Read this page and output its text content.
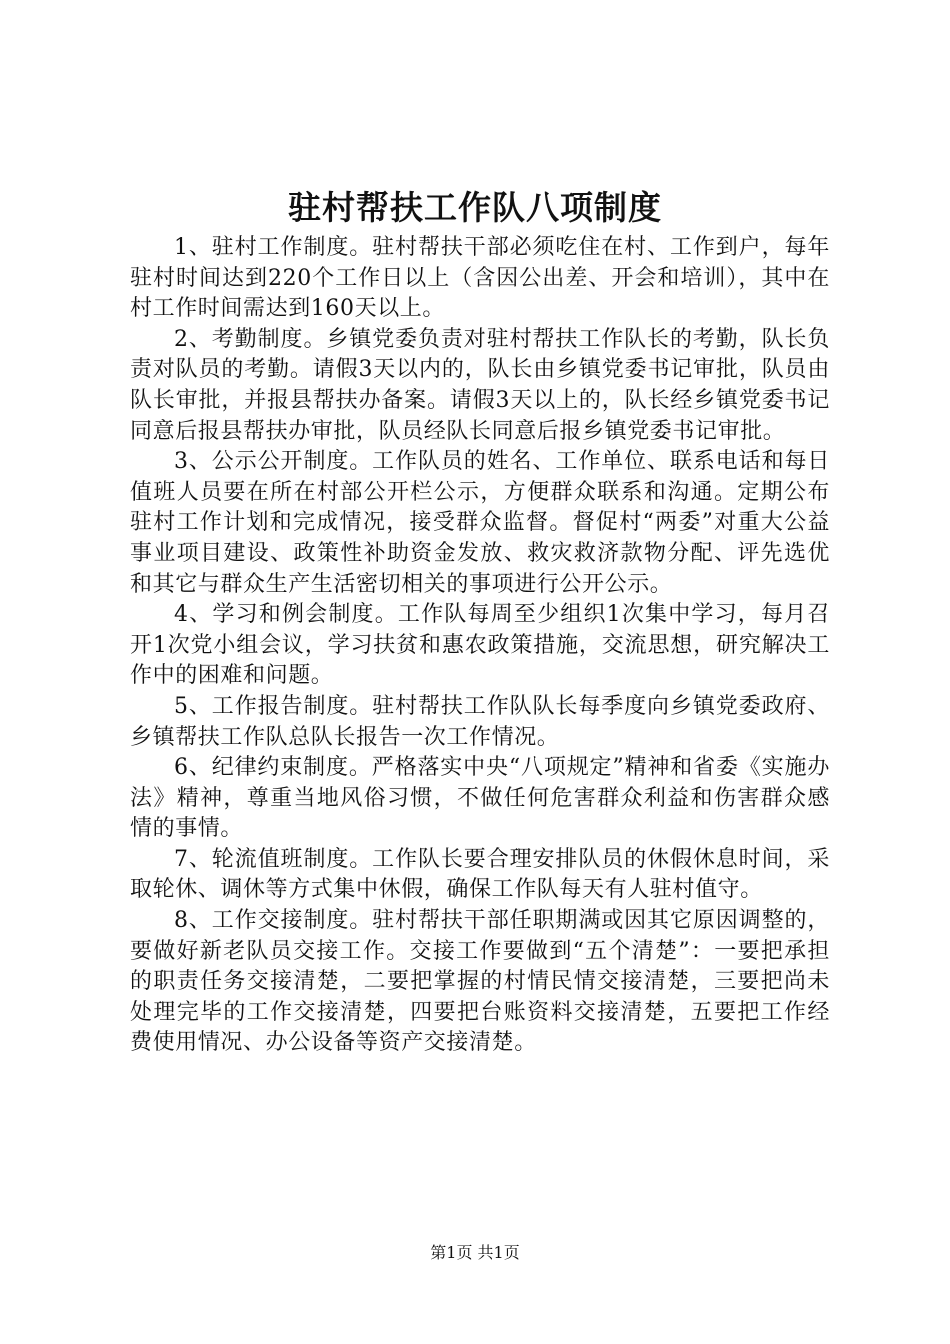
驻村帮扶工作队八项制度

1、驻村工作制度。驻村帮扶干部必须吃住在村、工作到户，每年驻村时间达到220个工作日以上（含因公出差、开会和培训），其中在村工作时间需达到160天以上。

2、考勤制度。乡镇党委负责对驻村帮扶工作队长的考勤，队长负责对队员的考勤。请假3天以内的，队长由乡镇党委书记审批，队员由队长审批，并报县帮扶办备案。请假3天以上的，队长经乡镇党委书记同意后报县帮扶办审批，队员经队长同意后报乡镇党委书记审批。

3、公示公开制度。工作队员的姓名、工作单位、联系电话和每日值班人员要在所在村部公开栏公示，方便群众联系和沟通。定期公布驻村工作计划和完成情况，接受群众监督。督促村“两委”对重大公益事业项目建设、政策性补助资金发放、救灾救济款物分配、评先选优和其它与群众生产生活密切相关的事项进行公开公示。

4、学习和例会制度。工作队每周至少组织1次集中学习，每月召开1次党小组会议，学习扶贫和惠农政策措施，交流思想，研究解决工作中的困难和问题。

5、工作报告制度。驻村帮扶工作队队长每季度向乡镇党委政府、乡镇帮扶工作队总队长报告一次工作情况。

6、纪律约束制度。严格落实中央“八项规定”精神和省委《实施办法》精神，尊重当地风俗习惯，不做任何危害群众利益和伤害群众感情的事情。

7、轮流值班制度。工作队长要合理安排队员的休假休息时间，采取轮休、调休等方式集中休假，确保工作队每天有人驻村值守。

8、工作交接制度。驻村帮扶干部任职期满或因其它原因调整的，要做好新老队员交接工作。交接工作要做到“五个清楚”：一要把承担的职责任务交接清楚，二要把掌握的村情民情交接清楚，三要把尚未处理完毕的工作交接清楚，四要把台账资料交接清楚，五要把工作经费使用情况、办公设备等资产交接清楚。

第1页 共1页
